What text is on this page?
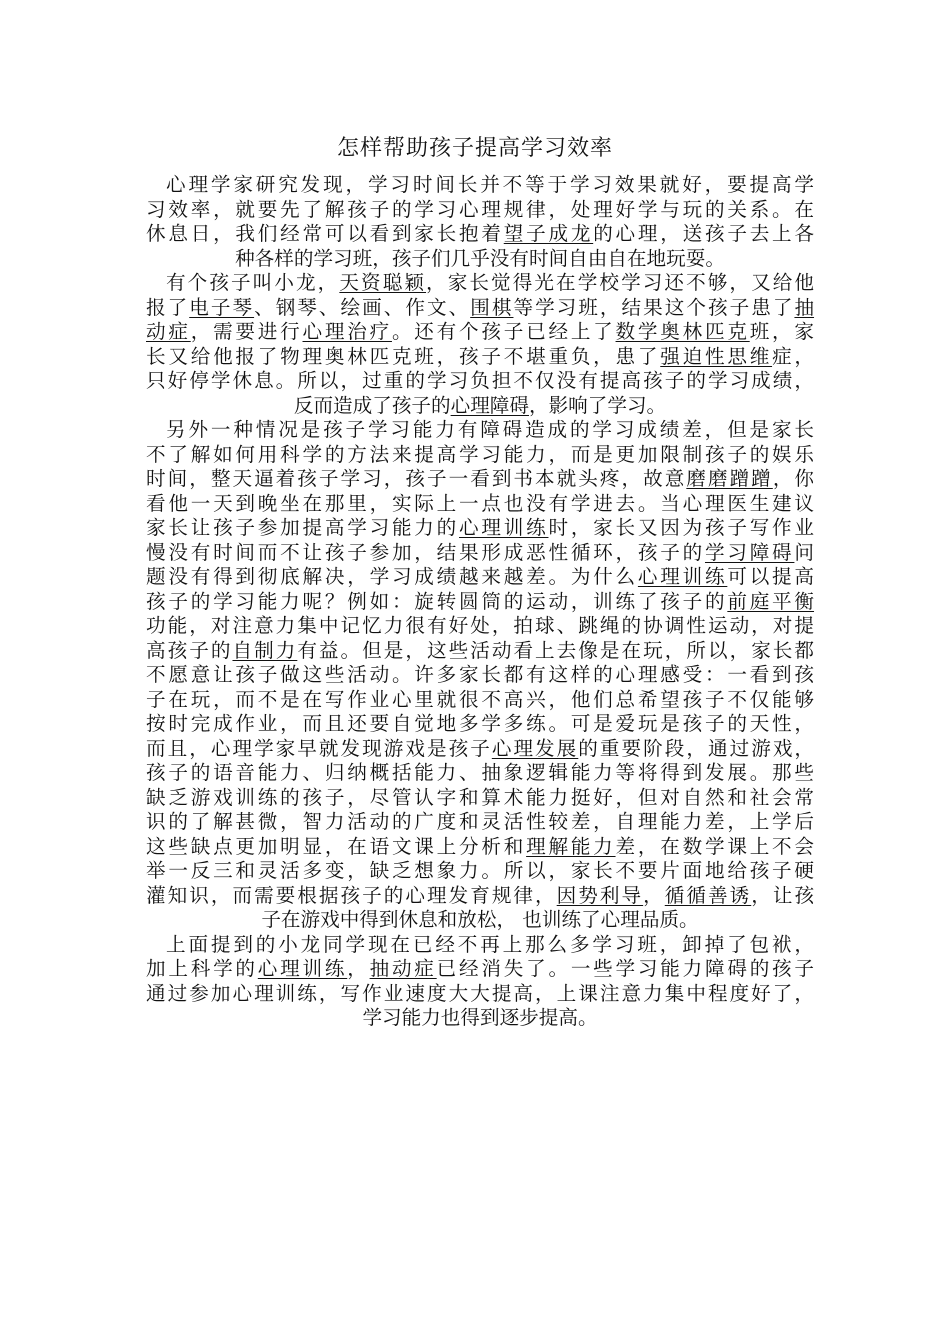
怎样帮助孩子提高学习效率
心理学家研究发现，学习时间长并不等于学习效果就好，要提高学
习效率，就要先了解孩子的学习心理规律，处理好学与玩的关系。在
休息日，我们经常可以看到家长抱着望子成龙的心理，送孩子去上各
种各样的学习班，孩子们几乎没有时间自由自在地玩耍。
有个孩子叫小龙，天资聪颖，家长觉得光在学校学习还不够，又给他
报了电子琴、钢琴、绘画、作文、围棋等学习班，结果这个孩子患了抽
动症，需要进行心理治疗。还有个孩子已经上了数学奥林匹克班，家
长又给他报了物理奥林匹克班，孩子不堪重负，患了强迫性思维症，
只好停学休息。所以，过重的学习负担不仅没有提高孩子的学习成绩，
反而造成了孩子的心理障碍，影响了学习。
另外一种情况是孩子学习能力有障碍造成的学习成绩差，但是家长
不了解如何用科学的方法来提高学习能力，而是更加限制孩子的娱乐
时间，整天逼着孩子学习，孩子一看到书本就头疼，故意磨磨蹭蹭，你
看他一天到晚坐在那里，实际上一点也没有学进去。当心理医生建议
家长让孩子参加提高学习能力的心理训练时，家长又因为孩子写作业
慢没有时间而不让孩子参加，结果形成恶性循环，孩子的学习障碍问
题没有得到彻底解决，学习成绩越来越差。为什么心理训练可以提高
孩子的学习能力呢？例如：旋转圆筒的运动，训练了孩子的前庭平衡
功能，对注意力集中记忆力很有好处，拍球、跳绳的协调性运动，对提
高孩子的自制力有益。但是，这些活动看上去像是在玩，所以，家长都
不愿意让孩子做这些活动。许多家长都有这样的心理感受：一看到孩
子在玩，而不是在写作业心里就很不高兴，他们总希望孩子不仅能够
按时完成作业，而且还要自觉地多学多练。可是爱玩是孩子的天性，
而且，心理学家早就发现游戏是孩子心理发展的重要阶段，通过游戏，
孩子的语音能力、归纳概括能力、抽象逻辑能力等将得到发展。那些
缺乏游戏训练的孩子，尽管认字和算术能力挺好，但对自然和社会常
识的了解甚微，智力活动的广度和灵活性较差，自理能力差，上学后
这些缺点更加明显，在语文课上分析和理解能力差，在数学课上不会
举一反三和灵活多变，缺乏想象力。所以，家长不要片面地给孩子硬
灌知识，而需要根据孩子的心理发育规律，因势利导，循循善诱，让孩
子在游戏中得到休息和放松， 也训练了心理品质。
上面提到的小龙同学现在已经不再上那么多学习班，卸掉了包袱，
加上科学的心理训练，抽动症已经消失了。一些学习能力障碍的孩子
通过参加心理训练，写作业速度大大提高，上课注意力集中程度好了，
学习能力也得到逐步提高。
